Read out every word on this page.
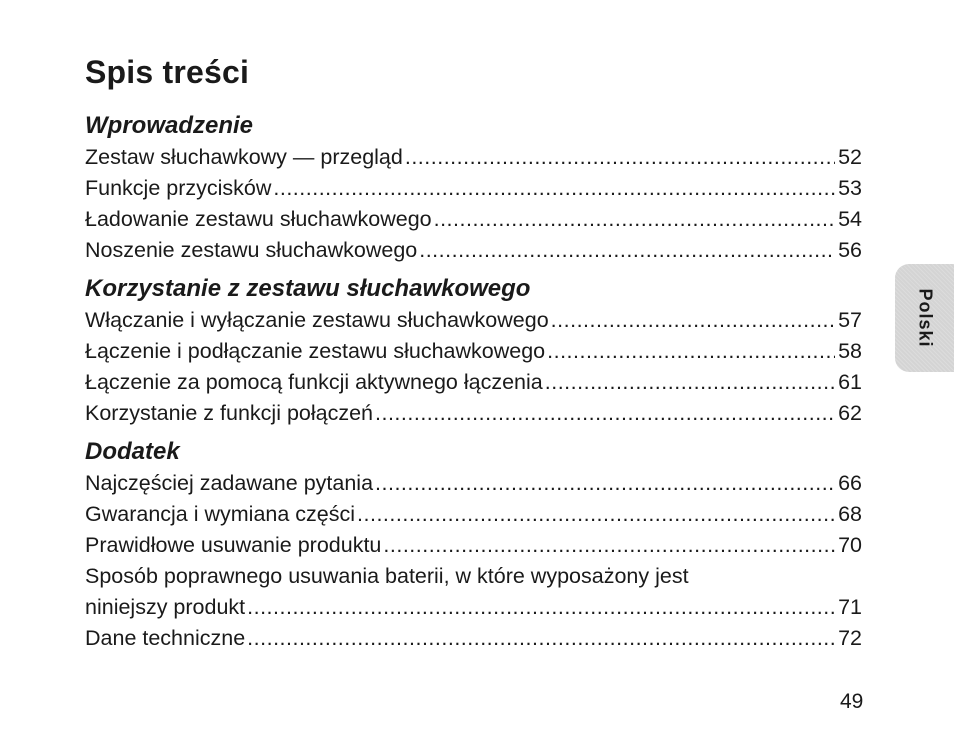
Spis treści
Wprowadzenie
Zestaw słuchawkowy — przegląd .....	52
Funkcje przycisków .....	53
Ładowanie zestawu słuchawkowego .....	54
Noszenie zestawu słuchawkowego .....	56
Korzystanie z zestawu słuchawkowego
Włączanie i wyłączanie zestawu słuchawkowego .....	57
Łączenie i podłączanie zestawu słuchawkowego .....	58
Łączenie za pomocą funkcji aktywnego łączenia .....	61
Korzystanie z funkcji połączeń .....	62
Dodatek
Najczęściej zadawane pytania .....	66
Gwarancja i wymiana części .....	68
Prawidłowe usuwanie produktu .....	70
Sposób poprawnego usuwania baterii, w które wyposażony jest
niniejszy produkt .....	71
Dane techniczne .....	72
Polski
49
